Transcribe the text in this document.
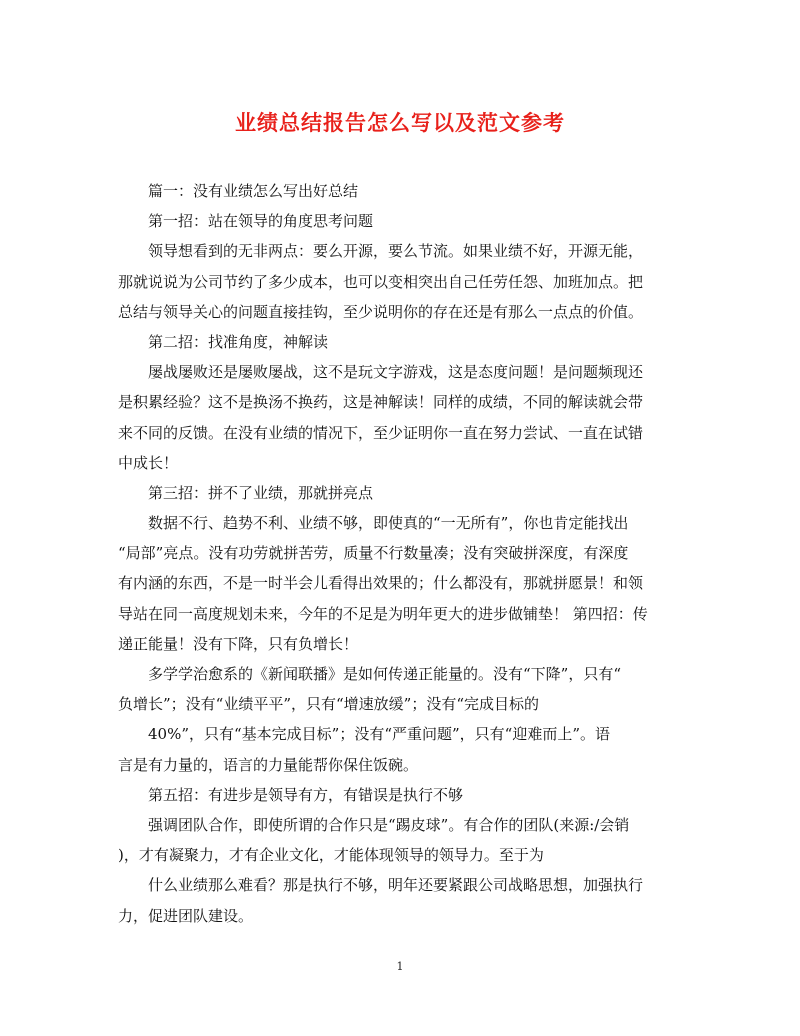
业绩总结报告怎么写以及范文参考
篇一：没有业绩怎么写出好总结
第一招：站在领导的角度思考问题
领导想看到的无非两点：要么开源，要么节流。如果业绩不好，开源无能，
那就说说为公司节约了多少成本，也可以变相突出自己任劳任怨、加班加点。把
总结与领导关心的问题直接挂钩，至少说明你的存在还是有那么一点点的价值。
第二招：找准角度，神解读
屡战屡败还是屡败屡战，这不是玩文字游戏，这是态度问题！是问题频现还
是积累经验？这不是换汤不换药，这是神解读！同样的成绩，不同的解读就会带
来不同的反馈。在没有业绩的情况下，至少证明你一直在努力尝试、一直在试错
中成长！
第三招：拼不了业绩，那就拼亮点
数据不行、趋势不利、业绩不够，即使真的“一无所有”，你也肯定能找出
“局部”亮点。没有功劳就拼苦劳，质量不行数量凑；没有突破拼深度，有深度
有内涵的东西，不是一时半会儿看得出效果的；什么都没有，那就拼愿景！和领
导站在同一高度规划未来，今年的不足是为明年更大的进步做铺垫！ 第四招：传
递正能量！没有下降，只有负增长！
多学学治愈系的《新闻联播》是如何传递正能量的。没有“下降”，只有“
负增长”；没有“业绩平平”，只有“增速放缓”；没有“完成目标的
40%”，只有“基本完成目标”；没有“严重问题”，只有“迎难而上”。语
言是有力量的，语言的力量能帮你保住饭碗。
第五招：有进步是领导有方，有错误是执行不够
强调团队合作，即使所谓的合作只是“踢皮球”。有合作的团队(来源:/会销
)，才有凝聚力，才有企业文化，才能体现领导的领导力。至于为
什么业绩那么难看？那是执行不够，明年还要紧跟公司战略思想，加强执行
力，促进团队建设。
1
